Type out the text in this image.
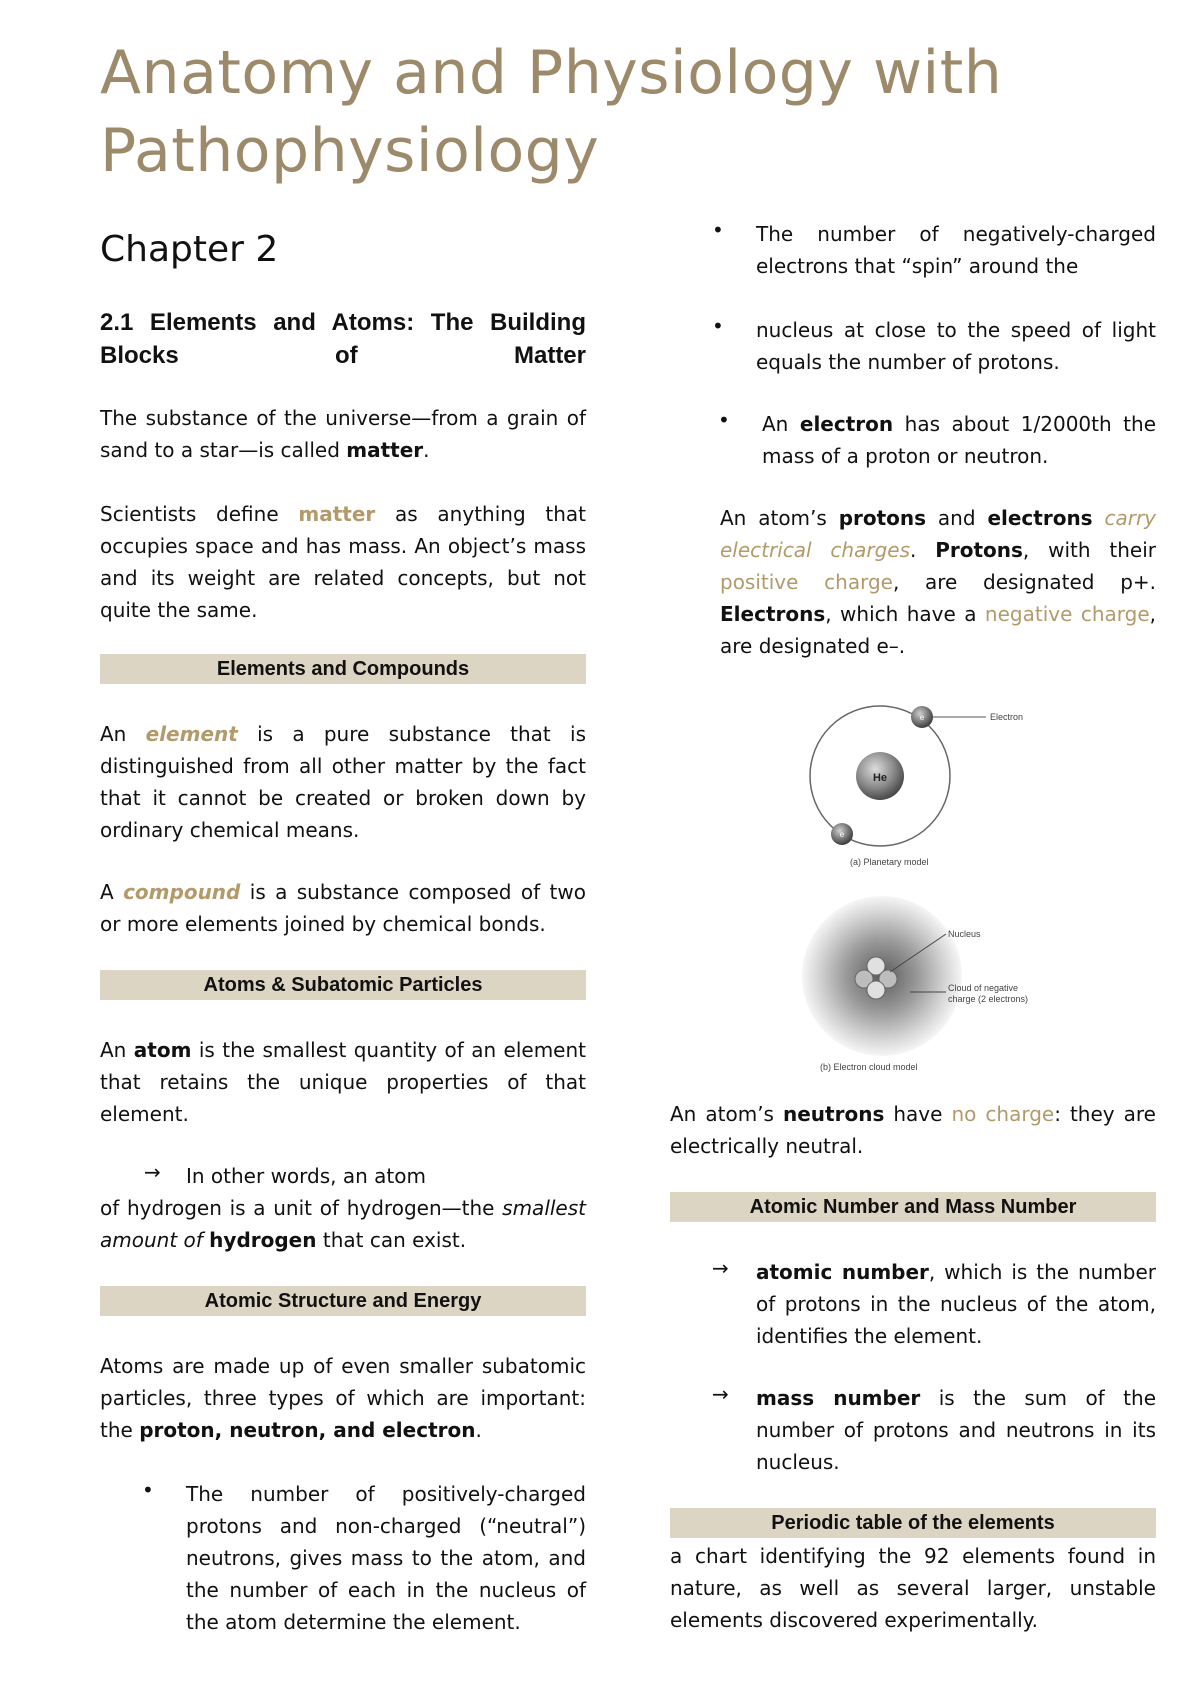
Anatomy and Physiology with
Pathophysiology
Chapter 2
2.1 Elements and Atoms: The Building
Blocks	of	Matter

The substance of the universe—from a grain of sand to a star—is called matter.

Scientists define matter as anything that occupies space and has mass. An object’s mass and its weight are related concepts, but not quite the same.

Elements and Compounds

An element is a pure substance that is distinguished from all other matter by the fact that it cannot be created or broken down by ordinary chemical means.

A compound is a substance composed of two or more elements joined by chemical bonds.

Atoms & Subatomic Particles

An atom is the smallest quantity of an element that retains the unique properties of that element.

→ In other words, an atom

of hydrogen is a unit of hydrogen—the smallest amount of hydrogen that can exist.

Atomic Structure and Energy

Atoms are made up of even smaller subatomic particles, three types of which are important: the proton, neutron, and electron.

• The number of positively-charged protons and non-charged (“neutral”) neutrons, gives mass to the atom, and the number of each in the nucleus of the atom determine the element.

• The number of negatively-charged electrons that “spin” around the

• nucleus at close to the speed of light equals the number of protons.

• An electron has about 1/2000th the mass of a proton or neutron.

An atom’s protons and electrons carry electrical charges. Protons, with their positive charge, are designated p+. Electrons, which have a negative charge, are designated e–.

He
e
e
Electron
(a) Planetary model
Nucleus
Cloud of negative
charge (2 electrons)
(b) Electron cloud model

An atom’s neutrons have no charge: they are electrically neutral.

Atomic Number and Mass Number
→ atomic number, which is the number of protons in the nucleus of the atom, identifies the element.

→ mass number is the sum of the number of protons and neutrons in its nucleus.

Periodic table of the elements

a chart identifying the 92 elements found in nature, as well as several larger, unstable elements discovered experimentally.
